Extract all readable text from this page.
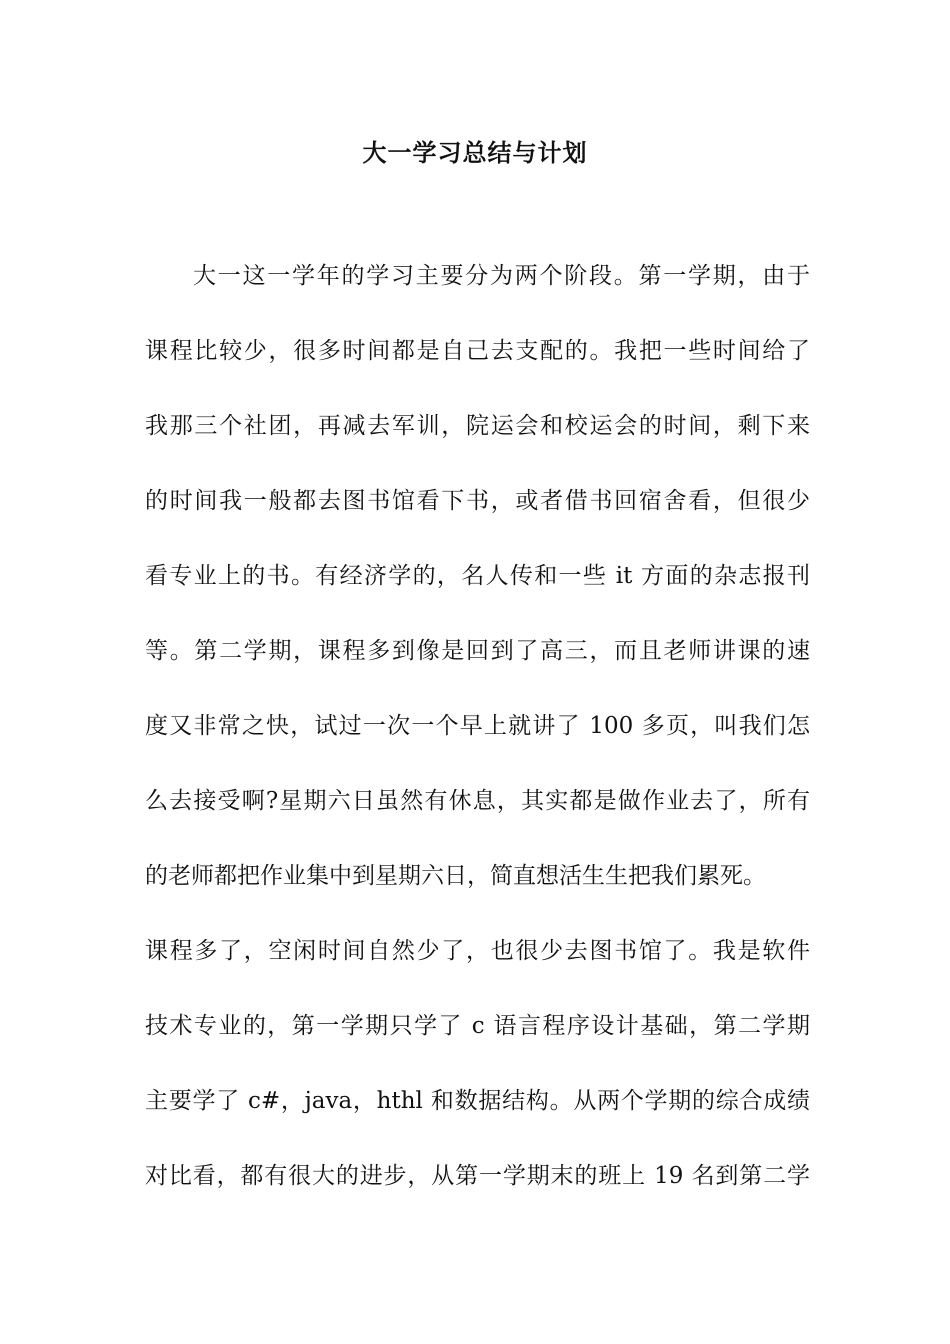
大一学习总结与计划
大一这一学年的学习主要分为两个阶段。第一学期，由于
课程比较少，很多时间都是自己去支配的。我把一些时间给了
我那三个社团，再减去军训，院运会和校运会的时间，剩下来
的时间我一般都去图书馆看下书，或者借书回宿舍看，但很少
看专业上的书。有经济学的，名人传和一些 it 方面的杂志报刊
等。第二学期，课程多到像是回到了高三，而且老师讲课的速
度又非常之快，试过一次一个早上就讲了 100 多页，叫我们怎
么去接受啊?星期六日虽然有休息，其实都是做作业去了，所有
的老师都把作业集中到星期六日，简直想活生生把我们累死。
课程多了，空闲时间自然少了，也很少去图书馆了。我是软件
技术专业的，第一学期只学了 c 语言程序设计基础，第二学期
主要学了 c#，java，hthl 和数据结构。从两个学期的综合成绩
对比看，都有很大的进步，从第一学期末的班上 19 名到第二学
